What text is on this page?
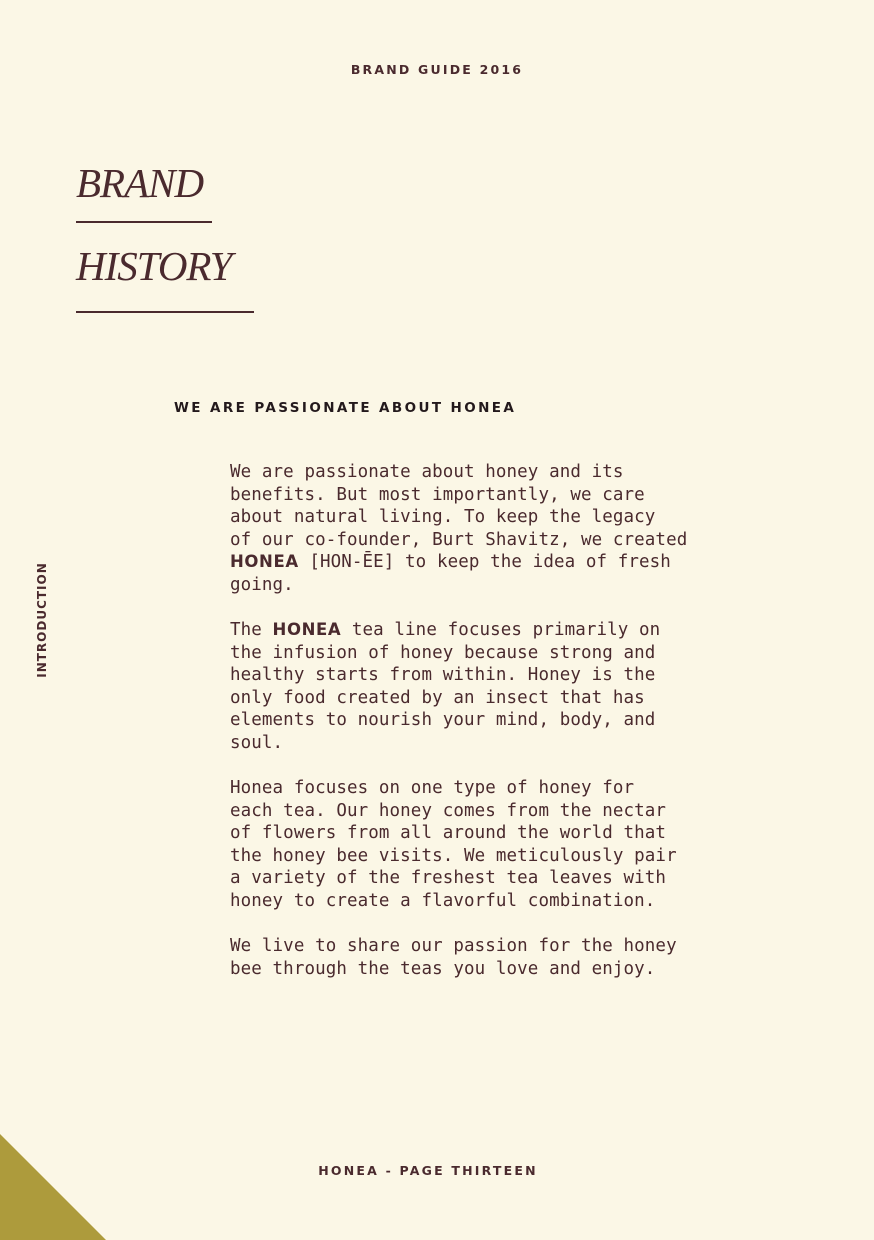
BRAND GUIDE 2016
BRAND
HISTORY
WE ARE PASSIONATE ABOUT HONEA
INTRODUCTION

We are passionate about honey and its
benefits. But most importantly, we care
about natural living. To keep the legacy
of our co-founder, Burt Shavitz, we created
HONEA [HON-ĒE] to keep the idea of fresh
going.

The HONEA tea line focuses primarily on
the infusion of honey because strong and
healthy starts from within. Honey is the
only food created by an insect that has
elements to nourish your mind, body, and
soul.

Honea focuses on one type of honey for
each tea. Our honey comes from the nectar
of flowers from all around the world that
the honey bee visits. We meticulously pair
a variety of the freshest tea leaves with
honey to create a flavorful combination.

We live to share our passion for the honey
bee through the teas you love and enjoy.

HONEA - PAGE THIRTEEN
